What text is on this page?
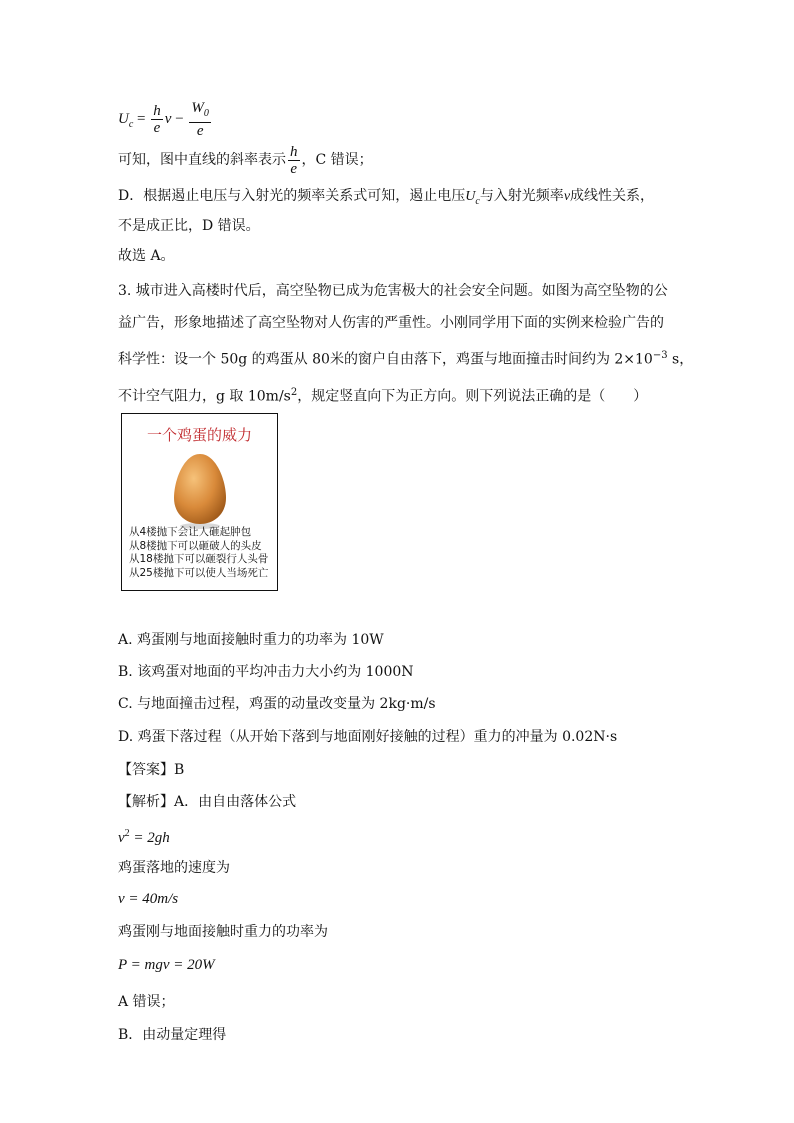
$U_c = \frac{h}{e}$ $\nu - \frac{W_0}{e}$
可知，图中直线的斜率表示 $\frac{h}{e}$ ，C 错误；
D．根据遏止电压与入射光的频率关系式可知，遏止电压$U_c$与入射光频率ν成线性关系，
不是成正比，D 错误。
故选 A。
3. 城市进入高楼时代后，高空坠物已成为危害极大的社会安全问题。如图为高空坠物的公
益广告，形象地描述了高空坠物对人伤害的严重性。小刚同学用下面的实例来检验广告的
科学性：设一个 50g 的鸡蛋从 80米的窗户自由落下，鸡蛋与地面撞击时间约为 $2\times 10^{-3}$ s，
不计空气阻力，g 取 $10m/s^2$，规定竖直向下为正方向。则下列说法正确的是（　　）
一个鸡蛋的威力
从4楼抛下会让人砸起肿包
从8楼抛下可以砸破人的头皮
从18楼抛下可以砸裂行人头骨
从25楼抛下可以使人当场死亡
A. 鸡蛋刚与地面接触时重力的功率为 10W
B. 该鸡蛋对地面的平均冲击力大小约为 1000N
C. 与地面撞击过程，鸡蛋的动量改变量为 2kg·m/s
D. 鸡蛋下落过程（从开始下落到与地面刚好接触的过程）重力的冲量为 0.02N·s
【答案】B
【解析】A．由自由落体公式
$v^2 = 2gh$
鸡蛋落地的速度为
v = 40m/s
鸡蛋刚与地面接触时重力的功率为
P = mgv = 20W
A 错误；
B．由动量定理得
